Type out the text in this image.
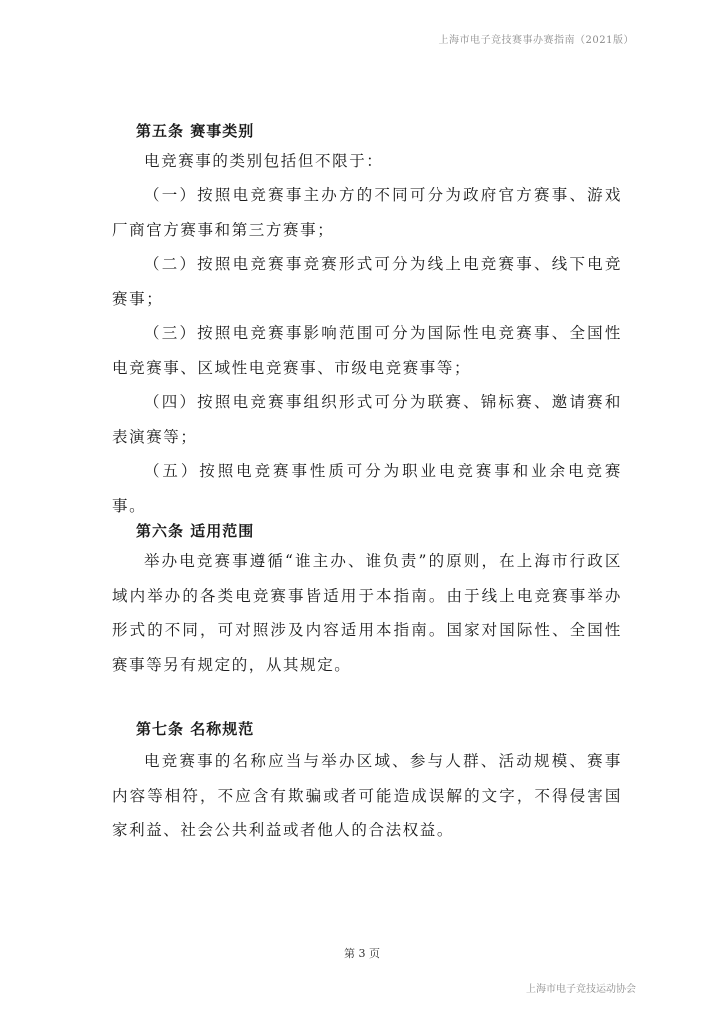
上海市电子竞技赛事办赛指南（2021版）
第五条 赛事类别

电竞赛事的类别包括但不限于：

（一）按照电竞赛事主办方的不同可分为政府官方赛事、游戏厂商官方赛事和第三方赛事；

（二）按照电竞赛事竞赛形式可分为线上电竞赛事、线下电竞赛事；

（三）按照电竞赛事影响范围可分为国际性电竞赛事、全国性电竞赛事、区域性电竞赛事、市级电竞赛事等；

（四）按照电竞赛事组织形式可分为联赛、锦标赛、邀请赛和表演赛等；

（五）按照电竞赛事性质可分为职业电竞赛事和业余电竞赛事。

第六条 适用范围

举办电竞赛事遵循“谁主办、谁负责”的原则，在上海市行政区域内举办的各类电竞赛事皆适用于本指南。由于线上电竞赛事举办形式的不同，可对照涉及内容适用本指南。国家对国际性、全国性赛事等另有规定的，从其规定。

第七条 名称规范

电竞赛事的名称应当与举办区域、参与人群、活动规模、赛事内容等相符，不应含有欺骗或者可能造成误解的文字，不得侵害国家利益、社会公共利益或者他人的合法权益。

第 3 页
上海市电子竞技运动协会
